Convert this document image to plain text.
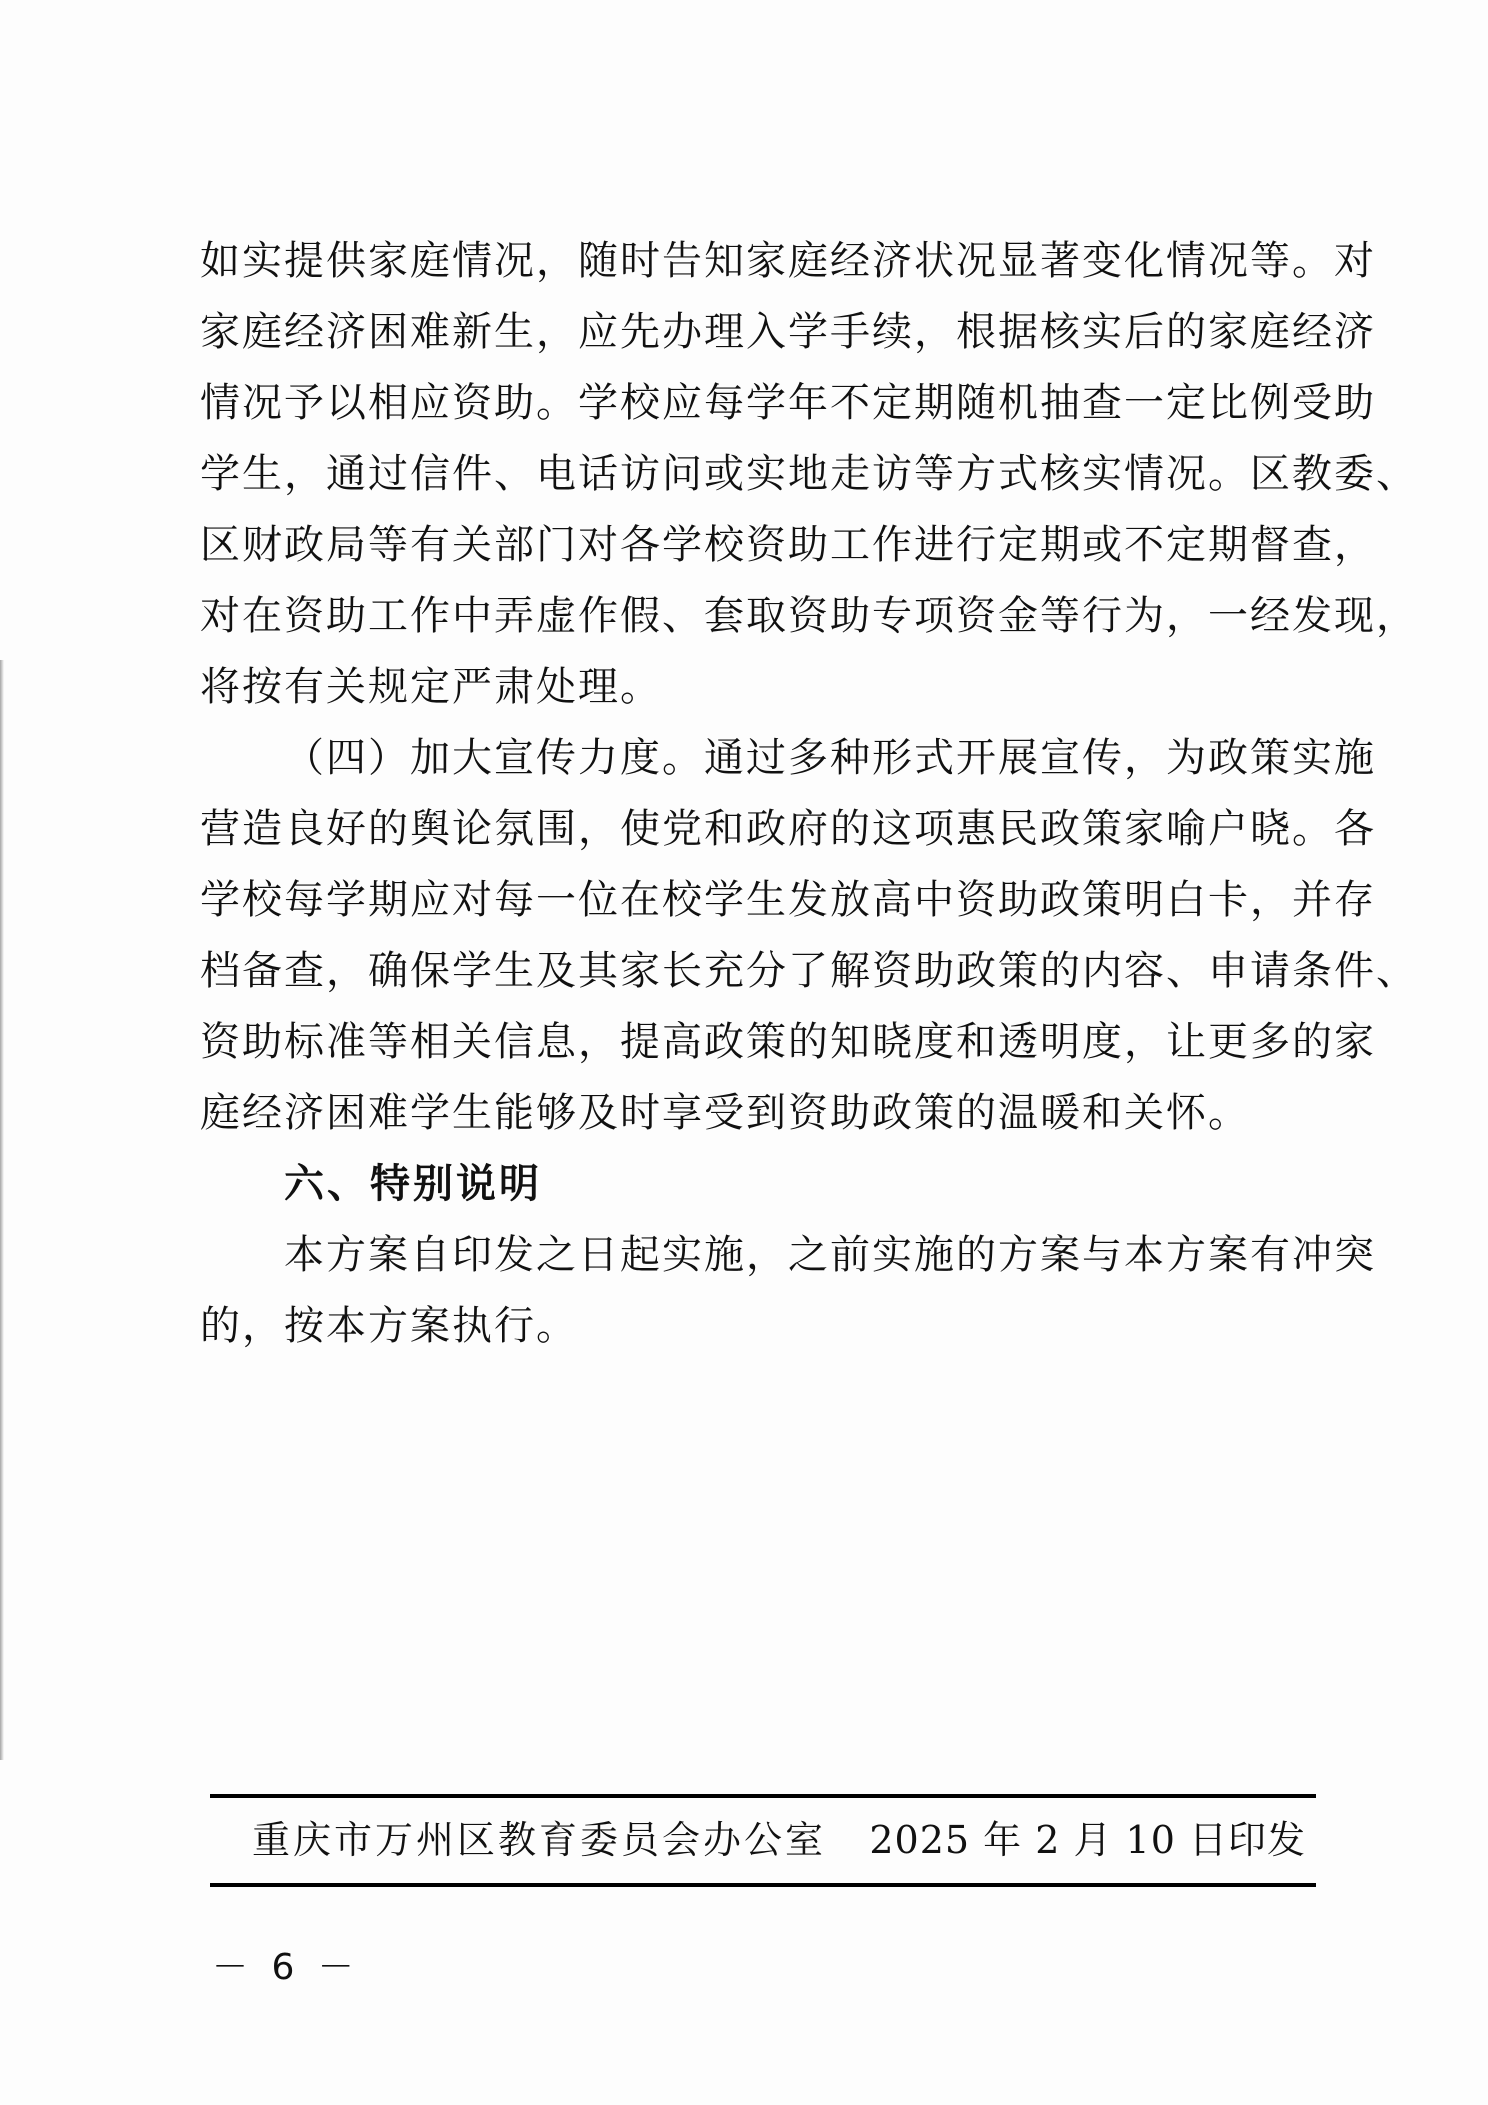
如实提供家庭情况，随时告知家庭经济状况显著变化情况等。对
家庭经济困难新生，应先办理入学手续，根据核实后的家庭经济
情况予以相应资助。学校应每学年不定期随机抽查一定比例受助
学生，通过信件、电话访问或实地走访等方式核实情况。区教委、
区财政局等有关部门对各学校资助工作进行定期或不定期督查，
对在资助工作中弄虚作假、套取资助专项资金等行为，一经发现，
将按有关规定严肃处理。
（四）加大宣传力度。通过多种形式开展宣传，为政策实施
营造良好的舆论氛围，使党和政府的这项惠民政策家喻户晓。各
学校每学期应对每一位在校学生发放高中资助政策明白卡，并存
档备查，确保学生及其家长充分了解资助政策的内容、申请条件、
资助标准等相关信息，提高政策的知晓度和透明度，让更多的家
庭经济困难学生能够及时享受到资助政策的温暖和关怀。
六、特别说明
本方案自印发之日起实施，之前实施的方案与本方案有冲突
的，按本方案执行。
重庆市万州区教育委员会办公室 2025 年 2 月 10 日印发
－ 6 －
